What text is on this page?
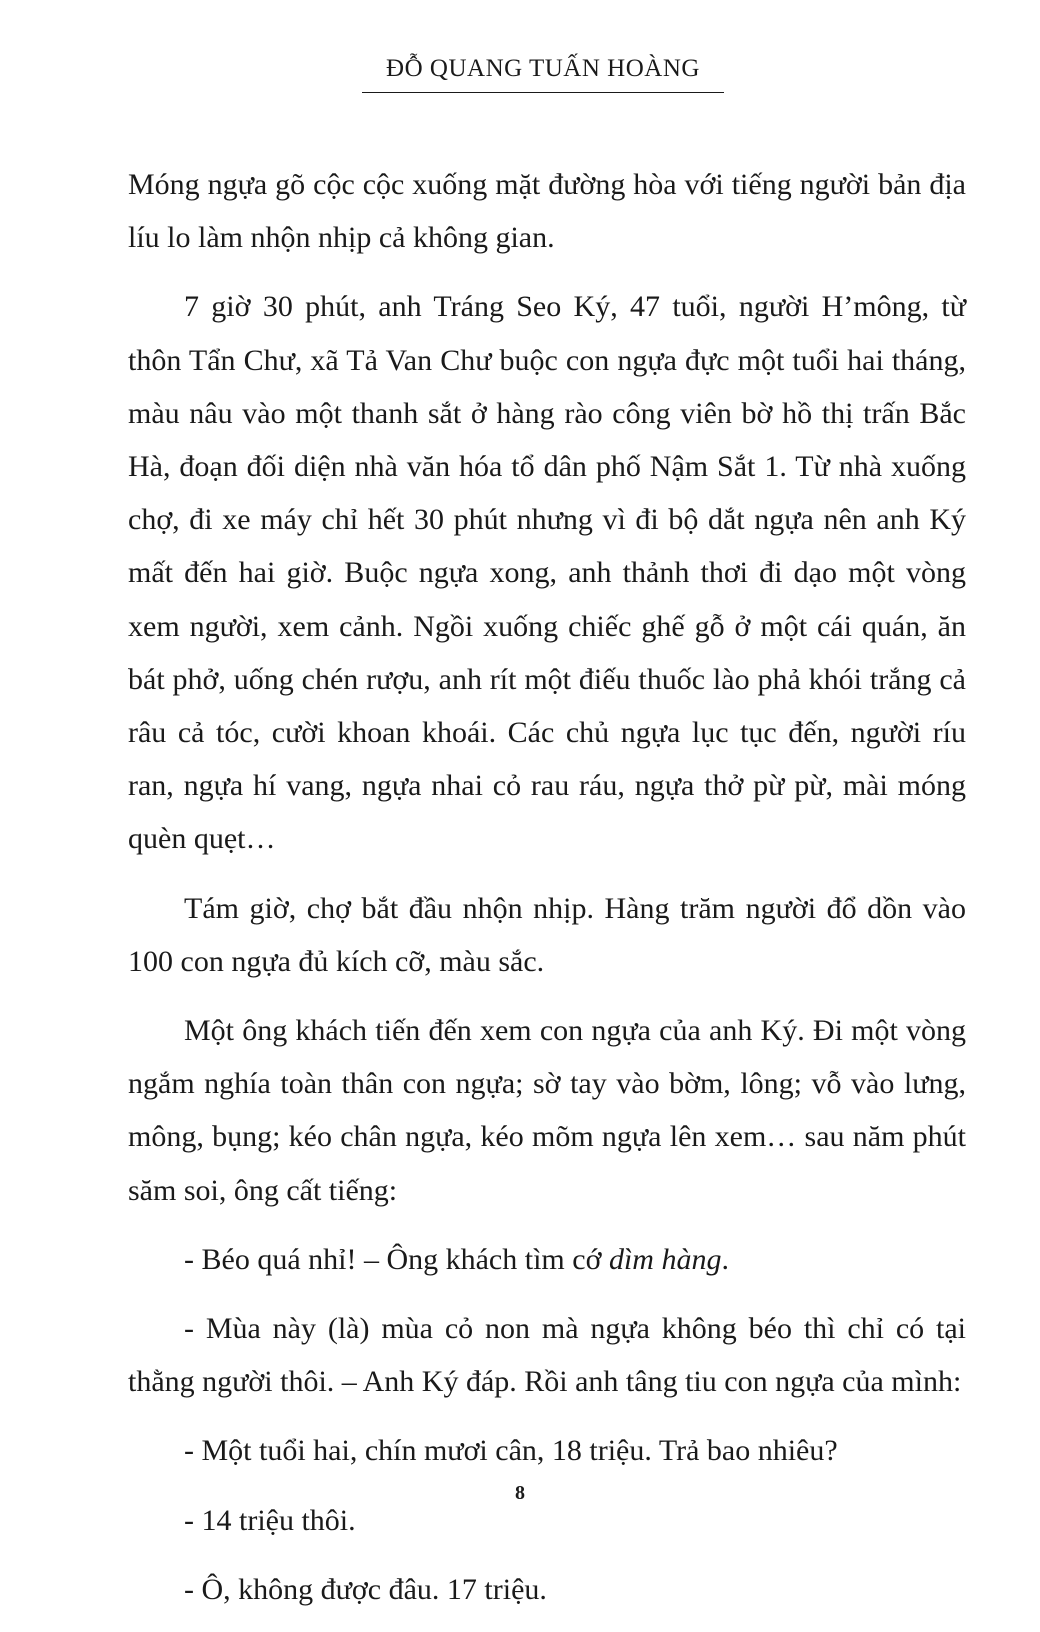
ĐỖ QUANG TUẤN HOÀNG

Móng ngựa gõ cộc cộc xuống mặt đường hòa với tiếng người bản địa líu lo làm nhộn nhịp cả không gian.

7 giờ 30 phút, anh Tráng Seo Ký, 47 tuổi, người H’mông, từ thôn Tẩn Chư, xã Tả Van Chư buộc con ngựa đực một tuổi hai tháng, màu nâu vào một thanh sắt ở hàng rào công viên bờ hồ thị trấn Bắc Hà, đoạn đối diện nhà văn hóa tổ dân phố Nậm Sắt 1. Từ nhà xuống chợ, đi xe máy chỉ hết 30 phút nhưng vì đi bộ dắt ngựa nên anh Ký mất đến hai giờ. Buộc ngựa xong, anh thảnh thơi đi dạo một vòng xem người, xem cảnh. Ngồi xuống chiếc ghế gỗ ở một cái quán, ăn bát phở, uống chén rượu, anh rít một điếu thuốc lào phả khói trắng cả râu cả tóc, cười khoan khoái. Các chủ ngựa lục tục đến, người ríu ran, ngựa hí vang, ngựa nhai cỏ rau ráu, ngựa thở pừ pừ, mài móng quèn quẹt…

Tám giờ, chợ bắt đầu nhộn nhịp. Hàng trăm người đổ dồn vào 100 con ngựa đủ kích cỡ, màu sắc.

Một ông khách tiến đến xem con ngựa của anh Ký. Đi một vòng ngắm nghía toàn thân con ngựa; sờ tay vào bờm, lông; vỗ vào lưng, mông, bụng; kéo chân ngựa, kéo mõm ngựa lên xem… sau năm phút săm soi, ông cất tiếng:

- Béo quá nhỉ! – Ông khách tìm cớ dìm hàng.

- Mùa này (là) mùa cỏ non mà ngựa không béo thì chỉ có tại thằng người thôi. – Anh Ký đáp. Rồi anh tâng tiu con ngựa của mình:

- Một tuổi hai, chín mươi cân, 18 triệu. Trả bao nhiêu?

- 14 triệu thôi.

- Ô, không được đâu. 17 triệu.

8
